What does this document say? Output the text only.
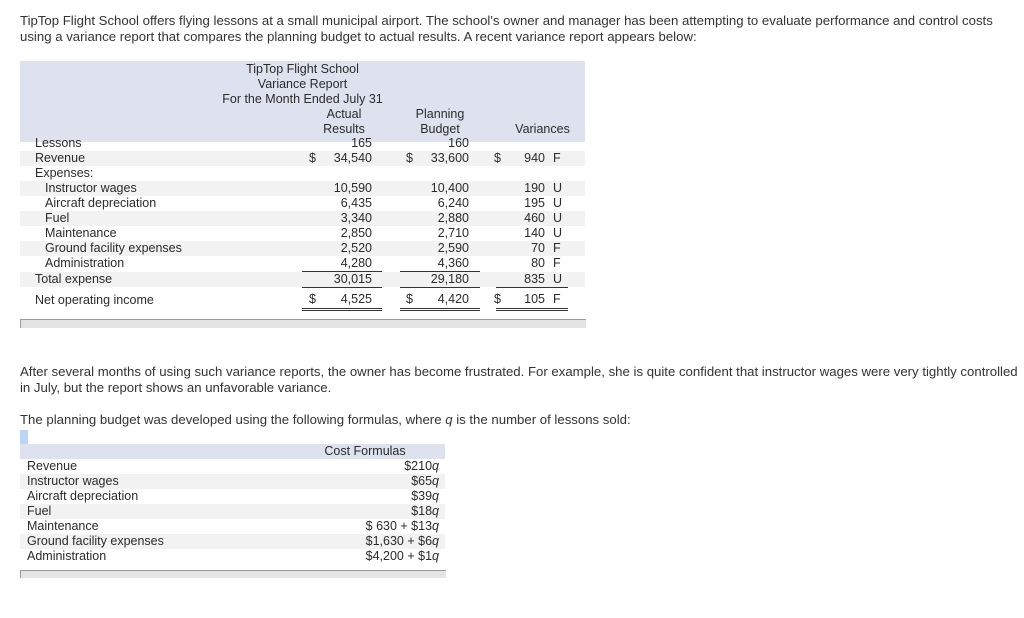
TipTop Flight School offers flying lessons at a small municipal airport. The school's owner and manager has been attempting to evaluate performance and control costs using a variance report that compares the planning budget to actual results. A recent variance report appears below:
TipTop Flight School
Variance Report
For the Month Ended July 31
Actual
Results
Planning
Budget	Variances
Lessons	165	160
Revenue	$ 34,540	$ 33,600 $ 940 F
Expenses:
Instructor wages	10,590	10,400	190 U
Aircraft depreciation	6,435	6,240	195 U
Fuel	3,340	2,880	460 U
Maintenance	2,850	2,710	140 U
Ground facility expenses	2,520	2,590	70 F
Administration	4,280	4,360	80 F
Total expense	30,015	29,180	835 U
Net operating income	$ 4,525	$ 4,420 $ 105 F
After several months of using such variance reports, the owner has become frustrated. For example, she is quite confident that instructor wages were very tightly controlled in July, but the report shows an unfavorable variance.
The planning budget was developed using the following formulas, where q is the number of lessons sold:
Cost Formulas
Revenue	$210q
Instructor wages	$65q
Aircraft depreciation	$39q
Fuel	$18q
Maintenance	$ 630 + $13q
Ground facility expenses	$1,630 + $6q
Administration	$4,200 + $1q
